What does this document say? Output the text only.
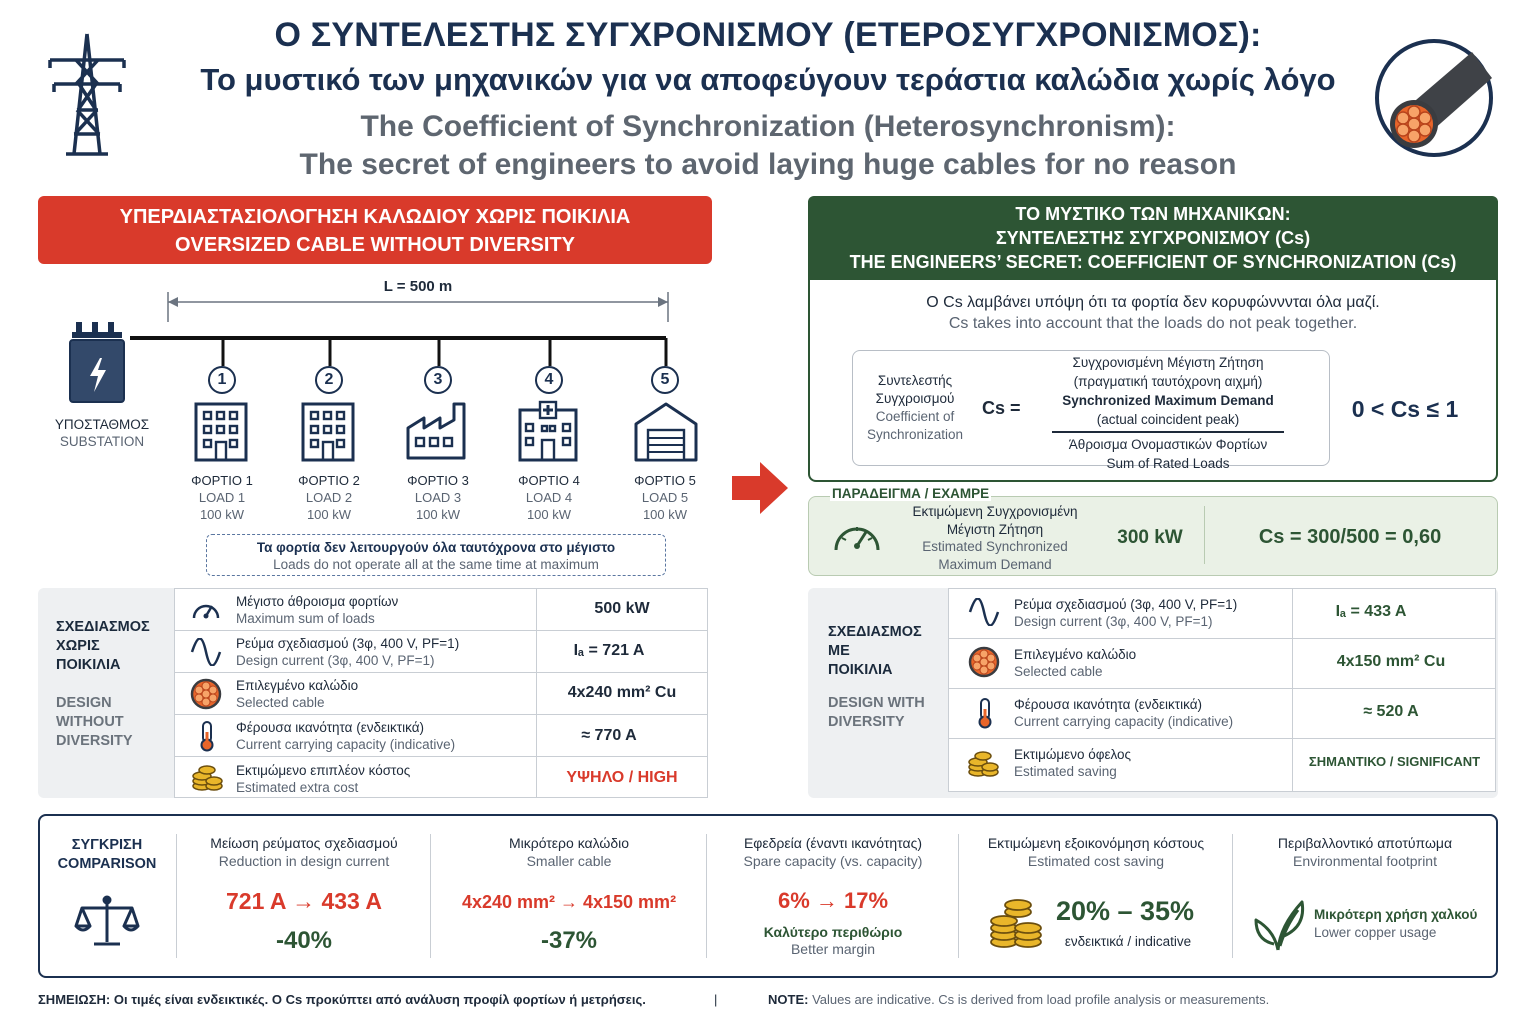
Ο ΣΥΝΤΕΛΕΣΤΗΣ ΣΥΓΧΡΟΝΙΣΜΟΥ (ΕΤΕΡΟΣΥΓΧΡΟΝΙΣΜΟΣ):
Το μυστικό των μηχανικών για να αποφεύγουν τεράστια καλώδια χωρίς λόγο
The Coefficient of Synchronization (Heterosynchronism):
The secret of engineers to avoid laying huge cables for no reason
ΥΠΕΡΔΙΑΣΤΑΣΙΟΛΟΓΗΣΗ ΚΑΛΩΔΙΟΥ ΧΩΡΙΣ ΠΟΙΚΙΛΙΑ
OVERSIZED CABLE WITHOUT DIVERSITY
L = 500 m
ΥΠΟΣΤΑΘΜΟΣ
SUBSTATION
1	2	3	4	5
ΦΟΡΤΙΟ 1
LOAD 1
100 kW
ΦΟΡΤΙΟ 2
LOAD 2
100 kW
ΦΟΡΤΙΟ 3
LOAD 3
100 kW
ΦΟΡΤΙΟ 4
LOAD 4
100 kW
ΦΟΡΤΙΟ 5
LOAD 5
100 kW
Τα φορτία δεν λειτουργούν όλα ταυτόχρονα στο μέγιστο
Loads do not operate all at the same time at maximum
ΣΧΕΔΙΑΣΜΟΣ ΧΩΡΙΣ ΠΟΙΚΙΛΙΑ
DESIGN WITHOUT DIVERSITY
Μέγιστο άθροισμα φορτίων
Maximum sum of loads
500 kW
Ρεύμα σχεδιασμού (3φ, 400 V, PF=1)
Design current (3φ, 400 V, PF=1)
Iₐ = 721 A
Επιλεγμένο καλώδιο
Selected cable
4x240 mm² Cu
Φέρουσα ικανότητα (ενδεικτικά)
Current carrying capacity (indicative)
≈ 770 A
Εκτιμώμενο επιπλέον κόστος
Estimated extra cost
ΥΨΗΛΟ / HIGH
ΤΟ ΜΥΣΤΙΚΟ ΤΩΝ ΜΗΧΑΝΙΚΩΝ:
ΣΥΝΤΕΛΕΣΤΗΣ ΣΥΓΧΡΟΝΙΣΜΟΥ (Cs)
THE ENGINEERS’ SECRET: COEFFICIENT OF SYNCHRONIZATION (Cs)
Ο Cs λαμβάνει υπόψη ότι τα φορτία δεν κορυφώνννται όλα μαζί.
Cs takes into account that the loads do not peak together.
Συντελεστής
Συγχροισμού
Coefficient of
Synchronization
Cs =
Συγχρονισμένη Μέγιστη Ζήτηση
(πραγματική ταυτόχρονη αιχμή)
Synchronized Maximum Demand
(actual coincident peak)
Άθροισμα Ονομαστικών Φορτίων
Sum of Rated Loads
0 < Cs ≤ 1
ΠΑΡΑΔΕΙΓΜΑ / ΕΧΑΜΡΕ
Εκτιμώμενη Συγχρονισμένη
Μέγιστη Ζήτηση
Estimated Synchronized
Maximum Demand
300 kW	Cs = 300/500 = 0,60
ΣΧΕΔΙΑΣΜΟΣ
ΜΕ
ΠΟΙΚΙΛΙΑ
DESIGN WITH
DIVERSITY
Ρεύμα σχεδιασμού (3φ, 400 V, PF=1)
Design current (3φ, 400 V, PF=1)
Iₐ = 433 A
Επιλεγμένο καλώδιο
Selected cable
4x150 mm² Cu
Φέρουσα ικανότητα (ενδεικτικά)
Current carrying capacity (indicative)
≈ 520 A
Εκτιμώμενο όφελος
Estimated saving
ΣΗΜΑΝΤΙΚΟ / SIGNIFICANT
ΣΥΓΚΡΙΣΗ
COMPARISON
Μείωση ρεύματος σχεδιασμού
Reduction in design current
721 A → 433 A
-40%
Μικρότερο καλώδιο
Smaller cable
4x240 mm² → 4x150 mm²
-37%
Εφεδρεία (έναντι ικανότητας)
Spare capacity (vs. capacity)
6% → 17%
Καλύτερο περιθώριο
Better margin
Εκτιμώμενη εξοικονόμηση κόστους
Estimated cost saving
20% – 35%
ενδεικτικά / indicative
Περιβαλλοντικό αποτύπωμα
Environmental footprint
Μικρότερη χρήση χαλκού
Lower copper usage
ΣΗΜΕΙΩΣΗ: Οι τιμές είναι ενδεικτικές. Ο Cs προκύπτει από ανάλυση προφίλ φορτίων ή μετρήσεις.	|	NOTE: Values are indicative. Cs is derived from load profile analysis or measurements.
